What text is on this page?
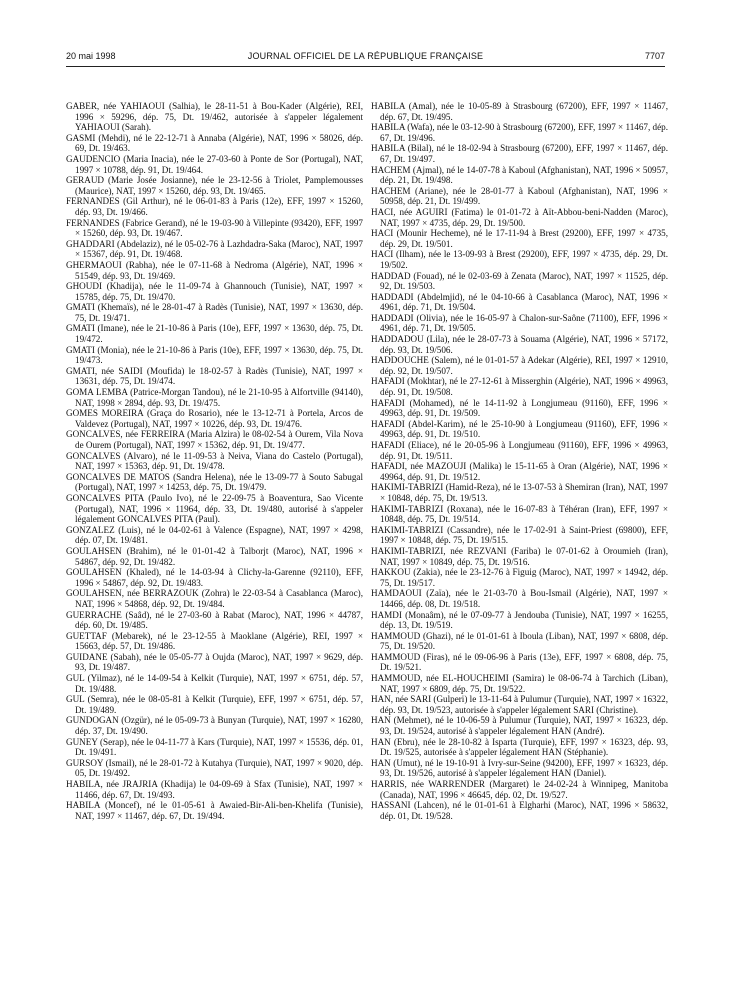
20 mai 1998	JOURNAL OFFICIEL DE LA RÉPUBLIQUE FRANÇAISE	7707

GABER, née YAHIAOUI (Salhia), le 28-11-51 à Bou-Kader (Algérie), REI, 1996 × 59296, dép. 75, Dt. 19/462, autorisée à s'appeler légalement YAHIAOUI (Sarah).

GASMI (Mehdi), né le 22-12-71 à Annaba (Algérie), NAT, 1996 × 58026, dép. 69, Dt. 19/463.

GAUDENCIO (Maria Inacia), née le 27-03-60 à Ponte de Sor (Portugal), NAT, 1997 × 10788, dép. 91, Dt. 19/464.

GERAUD (Marie Josée Josianne), née le 23-12-56 à Triolet, Pamplemousses (Maurice), NAT, 1997 × 15260, dép. 93, Dt. 19/465.

FERNANDES (Gil Arthur), né le 06-01-83 à Paris (12e), EFF, 1997 × 15260, dép. 93, Dt. 19/466.

FERNANDES (Fabrice Gerand), né le 19-03-90 à Villepinte (93420), EFF, 1997 × 15260, dép. 93, Dt. 19/467.

GHADDARI (Abdelaziz), né le 05-02-76 à Lazhdadra-Saka (Maroc), NAT, 1997 × 15367, dép. 91, Dt. 19/468.

GHERMAOUI (Rabha), née le 07-11-68 à Nedroma (Algérie), NAT, 1996 × 51549, dép. 93, Dt. 19/469.

GHOUDI (Khadija), née le 11-09-74 à Ghannouch (Tunisie), NAT, 1997 × 15785, dép. 75, Dt. 19/470.

GMATI (Khemaïs), né le 28-01-47 à Radès (Tunisie), NAT, 1997 × 13630, dép. 75, Dt. 19/471.

GMATI (Imane), née le 21-10-86 à Paris (10e), EFF, 1997 × 13630, dép. 75, Dt. 19/472.

GMATI (Monia), née le 21-10-86 à Paris (10e), EFF, 1997 × 13630, dép. 75, Dt. 19/473.

GMATI, née SAIDI (Moufida) le 18-02-57 à Radès (Tunisie), NAT, 1997 × 13631, dép. 75, Dt. 19/474.

GOMA LEMBA (Patrice-Morgan Tandou), né le 21-10-95 à Alfortville (94140), NAT, 1998 × 2894, dép. 93, Dt. 19/475.

GOMES MOREIRA (Graça do Rosario), née le 13-12-71 à Portela, Arcos de Valdevez (Portugal), NAT, 1997 × 10226, dép. 93, Dt. 19/476.

GONCALVES, née FERREIRA (Maria Alzira) le 08-02-54 à Ourem, Vila Nova de Ourem (Portugal), NAT, 1997 × 15362, dép. 91, Dt. 19/477.

GONCALVES (Alvaro), né le 11-09-53 à Neiva, Viana do Castelo (Portugal), NAT, 1997 × 15363, dép. 91, Dt. 19/478.

GONCALVES DE MATOS (Sandra Helena), née le 13-09-77 à Souto Sabugal (Portugal), NAT, 1997 × 14253, dép. 75, Dt. 19/479.

GONCALVES PITA (Paulo Ivo), né le 22-09-75 à Boaventura, Sao Vicente (Portugal), NAT, 1996 × 11964, dép. 33, Dt. 19/480, autorisé à s'appeler légalement GONCALVES PITA (Paul).

GONZALEZ (Luis), né le 04-02-61 à Valence (Espagne), NAT, 1997 × 4298, dép. 07, Dt. 19/481.

GOULAHSEN (Brahim), né le 01-01-42 à Talborjt (Maroc), NAT, 1996 × 54867, dép. 92, Dt. 19/482.

GOULAHSEN (Khaled), né le 14-03-94 à Clichy-la-Garenne (92110), EFF, 1996 × 54867, dép. 92, Dt. 19/483.

GOULAHSEN, née BERRAZOUK (Zohra) le 22-03-54 à Casablanca (Maroc), NAT, 1996 × 54868, dép. 92, Dt. 19/484.

GUERRACHE (Saâd), né le 27-03-60 à Rabat (Maroc), NAT, 1996 × 44787, dép. 60, Dt. 19/485.

GUETTAF (Mebarek), né le 23-12-55 à Maoklane (Algérie), REI, 1997 × 15663, dép. 57, Dt. 19/486.

GUIDANE (Sabah), née le 05-05-77 à Oujda (Maroc), NAT, 1997 × 9629, dép. 93, Dt. 19/487.

GUL (Yilmaz), né le 14-09-54 à Kelkit (Turquie), NAT, 1997 × 6751, dép. 57, Dt. 19/488.

GUL (Semra), née le 08-05-81 à Kelkit (Turquie), EFF, 1997 × 6751, dép. 57, Dt. 19/489.

GUNDOGAN (Ozgür), né le 05-09-73 à Bunyan (Turquie), NAT, 1997 × 16280, dép. 37, Dt. 19/490.

GUNEY (Serap), née le 04-11-77 à Kars (Turquie), NAT, 1997 × 15536, dép. 01, Dt. 19/491.

GURSOY (Ismail), né le 28-01-72 à Kutahya (Turquie), NAT, 1997 × 9020, dép. 05, Dt. 19/492.

HABILA, née JRAJRIA (Khadija) le 04-09-69 à Sfax (Tunisie), NAT, 1997 × 11466, dép. 67, Dt. 19/493.

HABILA (Moncef), né le 01-05-61 à Awaied-Bir-Ali-ben-Khelifa (Tunisie), NAT, 1997 × 11467, dép. 67, Dt. 19/494.

HABILA (Amal), née le 10-05-89 à Strasbourg (67200), EFF, 1997 × 11467, dép. 67, Dt. 19/495.

HABILA (Wafa), née le 03-12-90 à Strasbourg (67200), EFF, 1997 × 11467, dép. 67, Dt. 19/496.

HABILA (Bilal), né le 18-02-94 à Strasbourg (67200), EFF, 1997 × 11467, dép. 67, Dt. 19/497.

HACHEM (Ajmal), né le 14-07-78 à Kaboul (Afghanistan), NAT, 1996 × 50957, dép. 21, Dt. 19/498.

HACHEM (Ariane), née le 28-01-77 à Kaboul (Afghanistan), NAT, 1996 × 50958, dép. 21, Dt. 19/499.

HACI, née AGUIRI (Fatima) le 01-01-72 à Aït-Abbou-beni-Nadden (Maroc), NAT, 1997 × 4735, dép. 29, Dt. 19/500.

HACI (Mounir Hecheme), né le 17-11-94 à Brest (29200), EFF, 1997 × 4735, dép. 29, Dt. 19/501.

HACI (Ilham), née le 13-09-93 à Brest (29200), EFF, 1997 × 4735, dép. 29, Dt. 19/502.

HADDAD (Fouad), né le 02-03-69 à Zenata (Maroc), NAT, 1997 × 11525, dép. 92, Dt. 19/503.

HADDADI (Abdelmjid), né le 04-10-66 à Casablanca (Maroc), NAT, 1996 × 4961, dép. 71, Dt. 19/504.

HADDADI (Olivia), née le 16-05-97 à Chalon-sur-Saône (71100), EFF, 1996 × 4961, dép. 71, Dt. 19/505.

HADDADOU (Lila), née le 28-07-73 à Souama (Algérie), NAT, 1996 × 57172, dép. 93, Dt. 19/506.

HADDOUCHE (Salem), né le 01-01-57 à Adekar (Algérie), REI, 1997 × 12910, dép. 92, Dt. 19/507.

HAFADI (Mokhtar), né le 27-12-61 à Misserghin (Algérie), NAT, 1996 × 49963, dép. 91, Dt. 19/508.

HAFADI (Mohamed), né le 14-11-92 à Longjumeau (91160), EFF, 1996 × 49963, dép. 91, Dt. 19/509.

HAFADI (Abdel-Karim), né le 25-10-90 à Longjumeau (91160), EFF, 1996 × 49963, dép. 91, Dt. 19/510.

HAFADI (Eliace), né le 20-05-96 à Longjumeau (91160), EFF, 1996 × 49963, dép. 91, Dt. 19/511.

HAFADI, née MAZOUJI (Malika) le 15-11-65 à Oran (Algérie), NAT, 1996 × 49964, dép. 91, Dt. 19/512.

HAKIMI-TABRIZI (Hamid-Reza), né le 13-07-53 à Shemiran (Iran), NAT, 1997 × 10848, dép. 75, Dt. 19/513.

HAKIMI-TABRIZI (Roxana), née le 16-07-83 à Téhéran (Iran), EFF, 1997 × 10848, dép. 75, Dt. 19/514.

HAKIMI-TABRIZI (Cassandre), née le 17-02-91 à Saint-Priest (69800), EFF, 1997 × 10848, dép. 75, Dt. 19/515.

HAKIMI-TABRIZI, née REZVANI (Fariba) le 07-01-62 à Oroumieh (Iran), NAT, 1997 × 10849, dép. 75, Dt. 19/516.

HAKKOU (Zakia), née le 23-12-76 à Figuig (Maroc), NAT, 1997 × 14942, dép. 75, Dt. 19/517.

HAMDAOUI (Zaïa), née le 21-03-70 à Bou-Ismail (Algérie), NAT, 1997 × 14466, dép. 08, Dt. 19/518.

HAMDI (Monaâm), né le 07-09-77 à Jendouba (Tunisie), NAT, 1997 × 16255, dép. 13, Dt. 19/519.

HAMMOUD (Ghazi), né le 01-01-61 à Iboula (Liban), NAT, 1997 × 6808, dép. 75, Dt. 19/520.

HAMMOUD (Firas), né le 09-06-96 à Paris (13e), EFF, 1997 × 6808, dép. 75, Dt. 19/521.

HAMMOUD, née EL-HOUCHEIMI (Samira) le 08-06-74 à Tarchich (Liban), NAT, 1997 × 6809, dép. 75, Dt. 19/522.

HAN, née SARI (Gulperi) le 13-11-64 à Pulumur (Turquie), NAT, 1997 × 16322, dép. 93, Dt. 19/523, autorisée à s'appeler légalement SARI (Christine).

HAN (Mehmet), né le 10-06-59 à Pulumur (Turquie), NAT, 1997 × 16323, dép. 93, Dt. 19/524, autorisé à s'appeler légalement HAN (André).

HAN (Ebru), née le 28-10-82 à Isparta (Turquie), EFF, 1997 × 16323, dép. 93, Dt. 19/525, autorisée à s'appeler légalement HAN (Stéphanie).

HAN (Umut), né le 19-10-91 à Ivry-sur-Seine (94200), EFF, 1997 × 16323, dép. 93, Dt. 19/526, autorisé à s'appeler légalement HAN (Daniel).

HARRIS, née WARRENDER (Margaret) le 24-02-24 à Winnipeg, Manitoba (Canada), NAT, 1996 × 46645, dép. 02, Dt. 19/527.

HASSANI (Lahcen), né le 01-01-61 à Elgharhi (Maroc), NAT, 1996 × 58632, dép. 01, Dt. 19/528.
